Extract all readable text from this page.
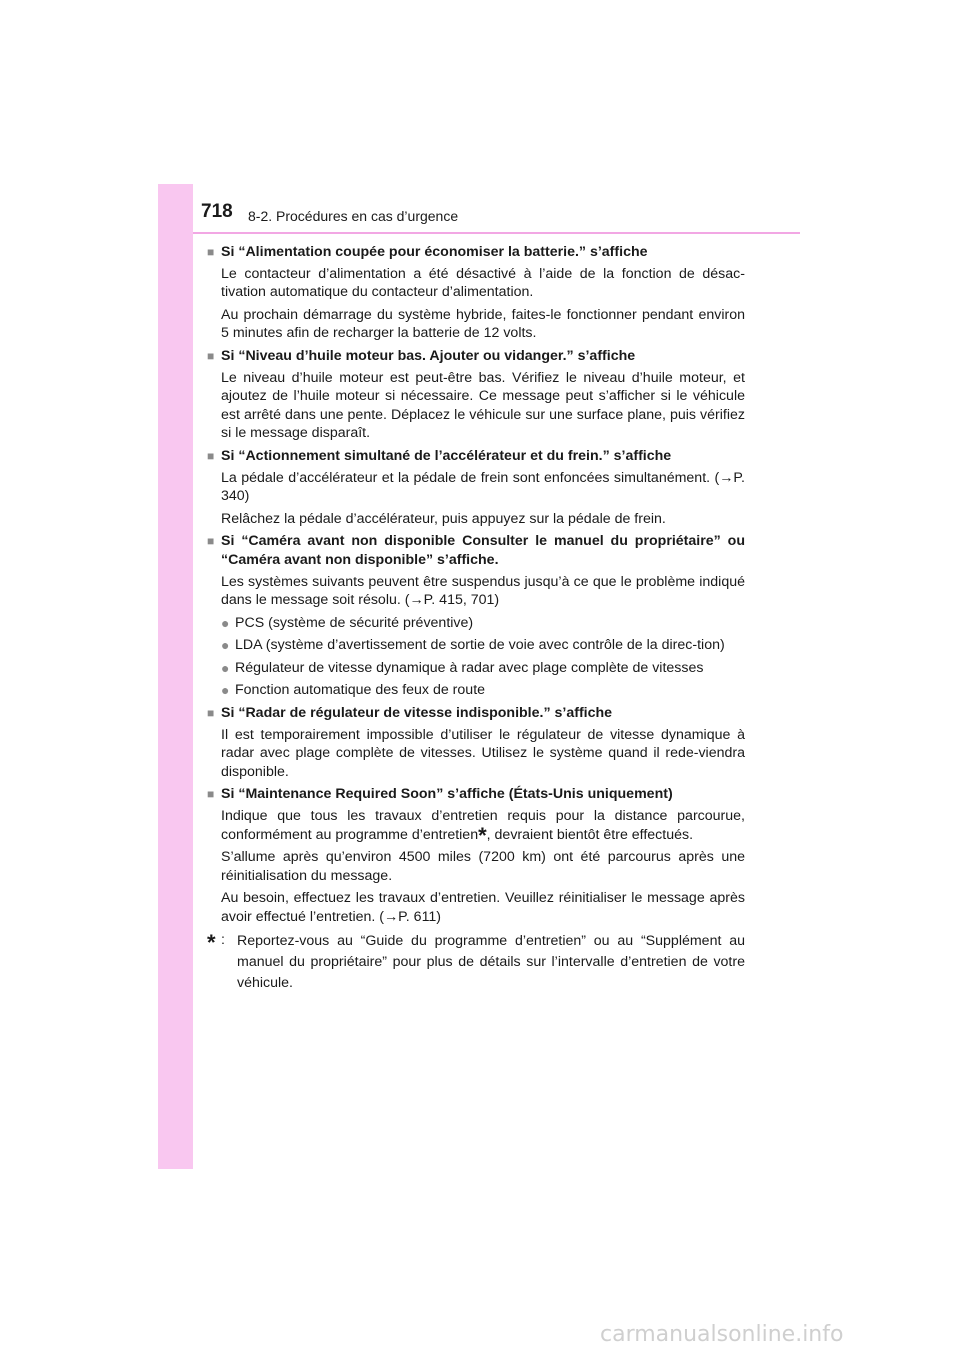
718 8-2. Procédures en cas d’urgence
■ Si “Alimentation coupée pour économiser la batterie.” s’affiche
Le contacteur d’alimentation a été désactivé à l’aide de la fonction de désac-tivation automatique du contacteur d’alimentation.
Au prochain démarrage du système hybride, faites-le fonctionner pendant environ 5 minutes afin de recharger la batterie de 12 volts.
■ Si “Niveau d’huile moteur bas. Ajouter ou vidanger.” s’affiche
Le niveau d’huile moteur est peut-être bas. Vérifiez le niveau d’huile moteur, et ajoutez de l’huile moteur si nécessaire. Ce message peut s’afficher si le véhicule est arrêté dans une pente. Déplacez le véhicule sur une surface plane, puis vérifiez si le message disparaît.
■ Si “Actionnement simultané de l’accélérateur et du frein.” s’affiche
La pédale d’accélérateur et la pédale de frein sont enfoncées simultanément. (→P. 340)
Relâchez la pédale d’accélérateur, puis appuyez sur la pédale de frein.
■ Si “Caméra avant non disponible Consulter le manuel du propriétaire” ou “Caméra avant non disponible” s’affiche.
Les systèmes suivants peuvent être suspendus jusqu’à ce que le problème indiqué dans le message soit résolu. (→P. 415, 701)
● PCS (système de sécurité préventive)
● LDA (système d’avertissement de sortie de voie avec contrôle de la direc-tion)
● Régulateur de vitesse dynamique à radar avec plage complète de vitesses
● Fonction automatique des feux de route
■ Si “Radar de régulateur de vitesse indisponible.” s’affiche
Il est temporairement impossible d’utiliser le régulateur de vitesse dynamique à radar avec plage complète de vitesses. Utilisez le système quand il rede-viendra disponible.
■ Si “Maintenance Required Soon” s’affiche (États-Unis uniquement)
Indique que tous les travaux d’entretien requis pour la distance parcourue, conformément au programme d’entretien*, devraient bientôt être effectués.
S’allume après qu’environ 4500 miles (7200 km) ont été parcourus après une réinitialisation du message.
Au besoin, effectuez les travaux d’entretien. Veuillez réinitialiser le message après avoir effectué l’entretien. (→P. 611)
* : Reportez-vous au “Guide du programme d’entretien” ou au “Supplément au manuel du propriétaire” pour plus de détails sur l’intervalle d’entretien de votre véhicule.
carmanualsonline.info
